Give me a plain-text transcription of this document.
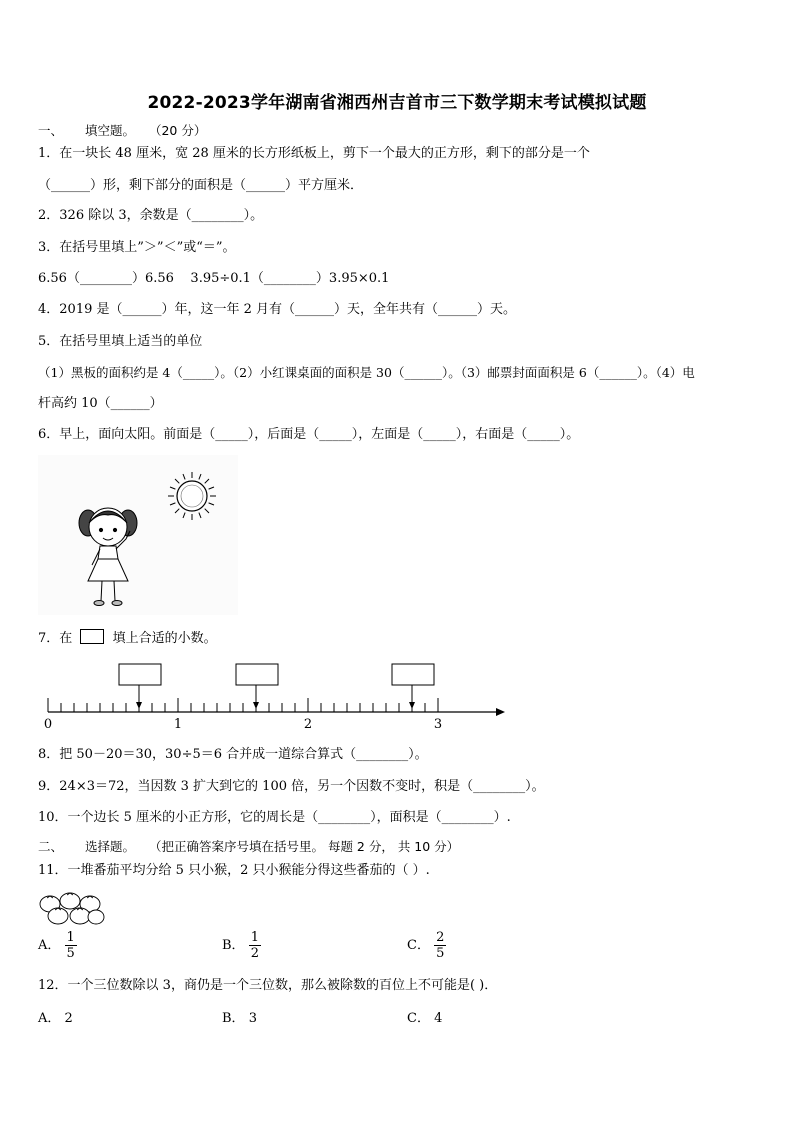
2022-2023学年湖南省湘西州吉首市三下数学期末考试模拟试题
一、 填空题。 （20 分）
1．在一块长 48 厘米，宽 28 厘米的长方形纸板上，剪下一个最大的正方形，剩下的部分是一个
（______）形，剩下部分的面积是（______）平方厘米．
2．326 除以 3，余数是（________）。
3．在括号里填上”＞”＜”或“＝”。
6.56（________）6.56    3.95÷0.1（________）3.95×0.1
4．2019 是（______）年，这一年 2 月有（______）天，全年共有（______）天。
5．在括号里填上适当的单位
（1）黑板的面积约是 4（_____）。（2）小红课桌面的面积是 30（______）。（3）邮票封面面积是 6（______）。（4）电
杆高约 10（______）
6．早上，面向太阳。前面是（_____），后面是（_____），左面是（_____），右面是（_____）。
7．在	填上合适的小数。
0	1	2	3
8．把 50－20＝30，30÷5＝6 合并成一道综合算式（________）。
9．24×3＝72，当因数 3 扩大到它的 100 倍，另一个因数不变时，积是（________）。
10．一个边长 5 厘米的小正方形，它的周长是（________），面积是（________）.
二、 选择题。 （把正确答案序号填在括号里。 每题 2 分， 共 10 分）
11．一堆番茄平均分给 5 只小猴，2 只小猴能分得这些番茄的（ ）.
A． $\frac{1}{5}$	B． $\frac{1}{2}$	C． $\frac{2}{5}$
12．一个三位数除以 3，商仍是一个三位数，那么被除数的百位上不可能是( )．
A． 2	B． 3	C． 4
